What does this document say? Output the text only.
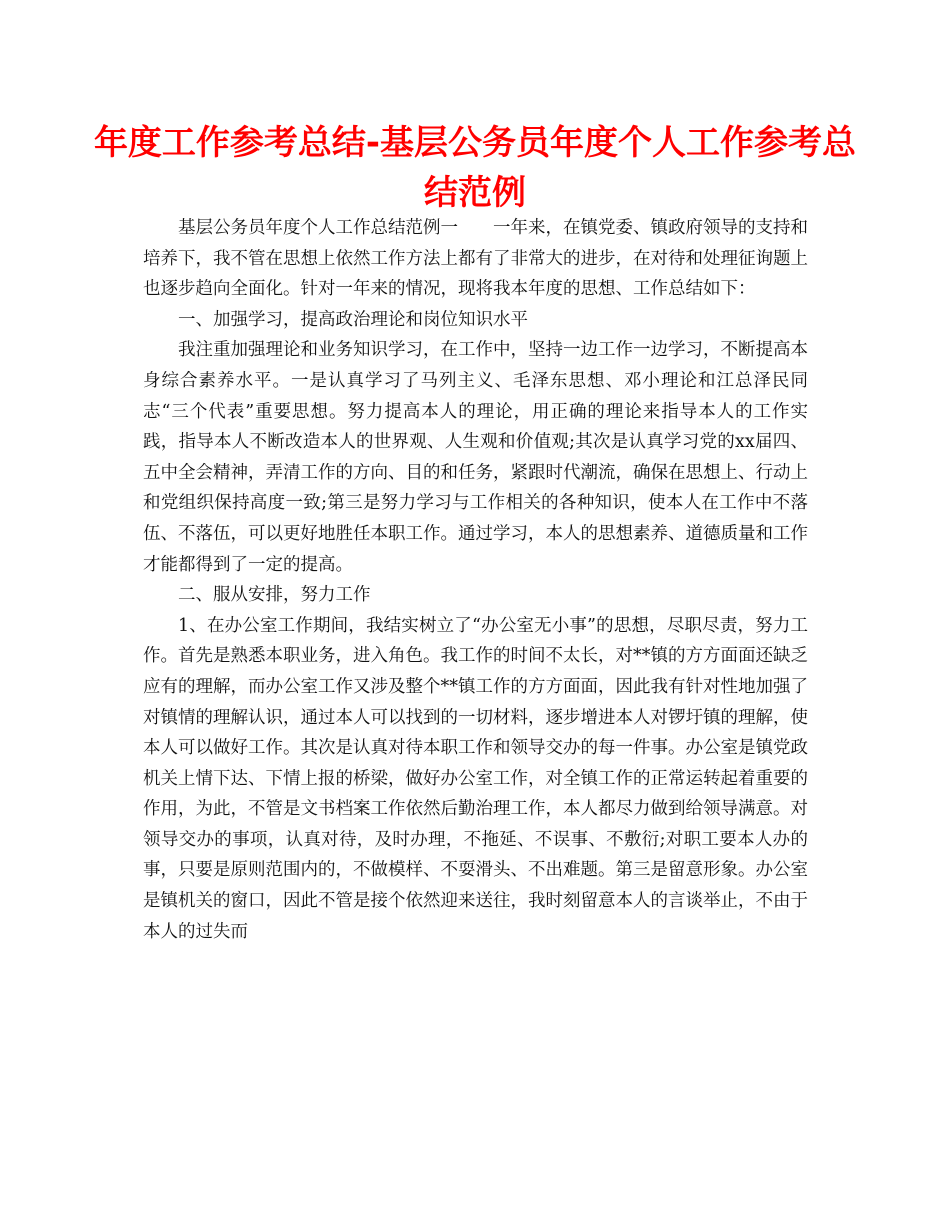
年度工作参考总结-基层公务员年度个人工作参考总结范例

基层公务员年度个人工作总结范例一　　一年来，在镇党委、镇政府领导的支持和培养下，我不管在思想上依然工作方法上都有了非常大的进步，在对待和处理征询题上也逐步趋向全面化。针对一年来的情况，现将我本年度的思想、工作总结如下：

一、加强学习，提高政治理论和岗位知识水平

我注重加强理论和业务知识学习，在工作中，坚持一边工作一边学习，不断提高本身综合素养水平。一是认真学习了马列主义、毛泽东思想、邓小理论和江总泽民同志“三个代表”重要思想。努力提高本人的理论，用正确的理论来指导本人的工作实践，指导本人不断改造本人的世界观、人生观和价值观;其次是认真学习党的xx届四、五中全会精神，弄清工作的方向、目的和任务，紧跟时代潮流，确保在思想上、行动上和党组织保持高度一致;第三是努力学习与工作相关的各种知识，使本人在工作中不落伍、不落伍，可以更好地胜任本职工作。通过学习，本人的思想素养、道德质量和工作才能都得到了一定的提高。

二、服从安排，努力工作

1、在办公室工作期间，我结实树立了“办公室无小事”的思想，尽职尽责，努力工作。首先是熟悉本职业务，进入角色。我工作的时间不太长，对**镇的方方面面还缺乏应有的理解，而办公室工作又涉及整个**镇工作的方方面面，因此我有针对性地加强了对镇情的理解认识，通过本人可以找到的一切材料，逐步增进本人对锣圩镇的理解，使本人可以做好工作。其次是认真对待本职工作和领导交办的每一件事。办公室是镇党政机关上情下达、下情上报的桥梁，做好办公室工作，对全镇工作的正常运转起着重要的作用，为此，不管是文书档案工作依然后勤治理工作，本人都尽力做到给领导满意。对领导交办的事项，认真对待，及时办理，不拖延、不误事、不敷衍;对职工要本人办的事，只要是原则范围内的，不做模样、不耍滑头、不出难题。第三是留意形象。办公室是镇机关的窗口，因此不管是接个依然迎来送往，我时刻留意本人的言谈举止，不由于本人的过失而
